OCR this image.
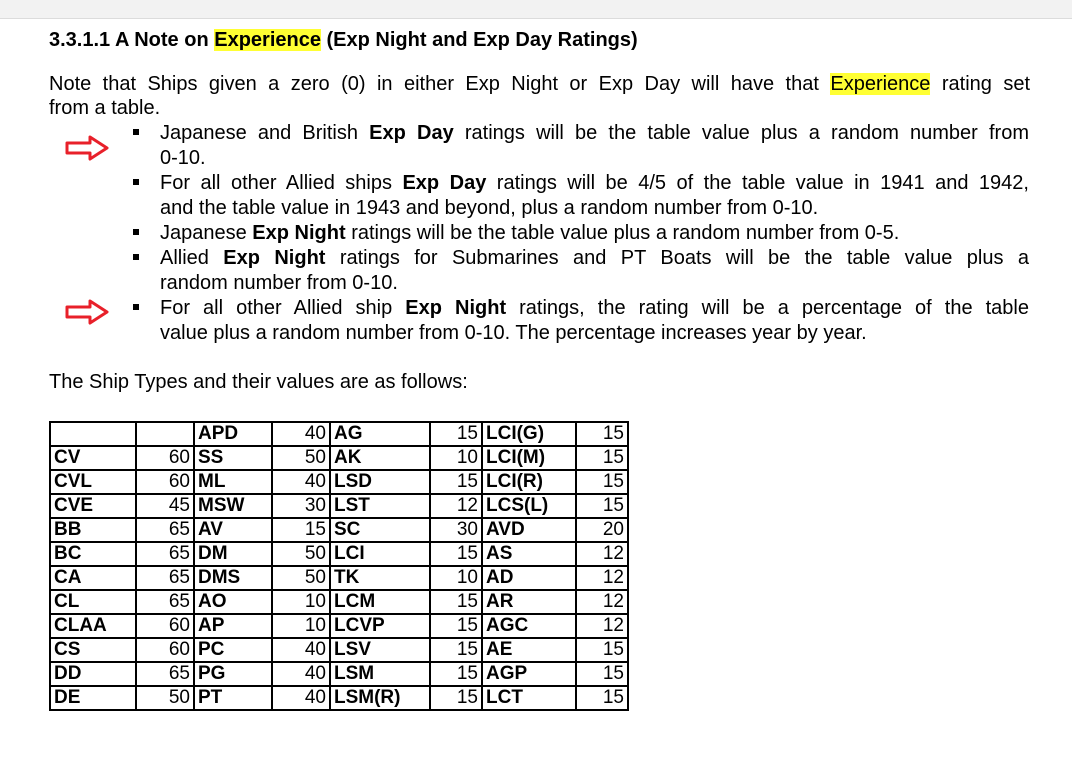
3.3.1.1 A Note on Experience (Exp Night and Exp Day Ratings)
Note that Ships given a zero (0) in either Exp Night or Exp Day will have that Experience rating set
from a table.
Japanese and British Exp Day ratings will be the table value plus a random number from
0-10.
For all other Allied ships Exp Day ratings will be 4/5 of the table value in 1941 and 1942,
and the table value in 1943 and beyond, plus a random number from 0-10.
Japanese Exp Night ratings will be the table value plus a random number from 0-5.
Allied Exp Night ratings for Submarines and PT Boats will be the table value plus a
random number from 0-10.
For all other Allied ship Exp Night ratings, the rating will be a percentage of the table
value plus a random number from 0-10. The percentage increases year by year.
The Ship Types and their values are as follows:
		APD	40	AG	15	LCI(G)	15
CV	60	SS	50	AK	10	LCI(M)	15
CVL	60	ML	40	LSD	15	LCI(R)	15
CVE	45	MSW	30	LST	12	LCS(L)	15
BB	65	AV	15	SC	30	AVD	20
BC	65	DM	50	LCI	15	AS	12
CA	65	DMS	50	TK	10	AD	12
CL	65	AO	10	LCM	15	AR	12
CLAA	60	AP	10	LCVP	15	AGC	12
CS	60	PC	40	LSV	15	AE	15
DD	65	PG	40	LSM	15	AGP	15
DE	50	PT	40	LSM(R)	15	LCT	15
